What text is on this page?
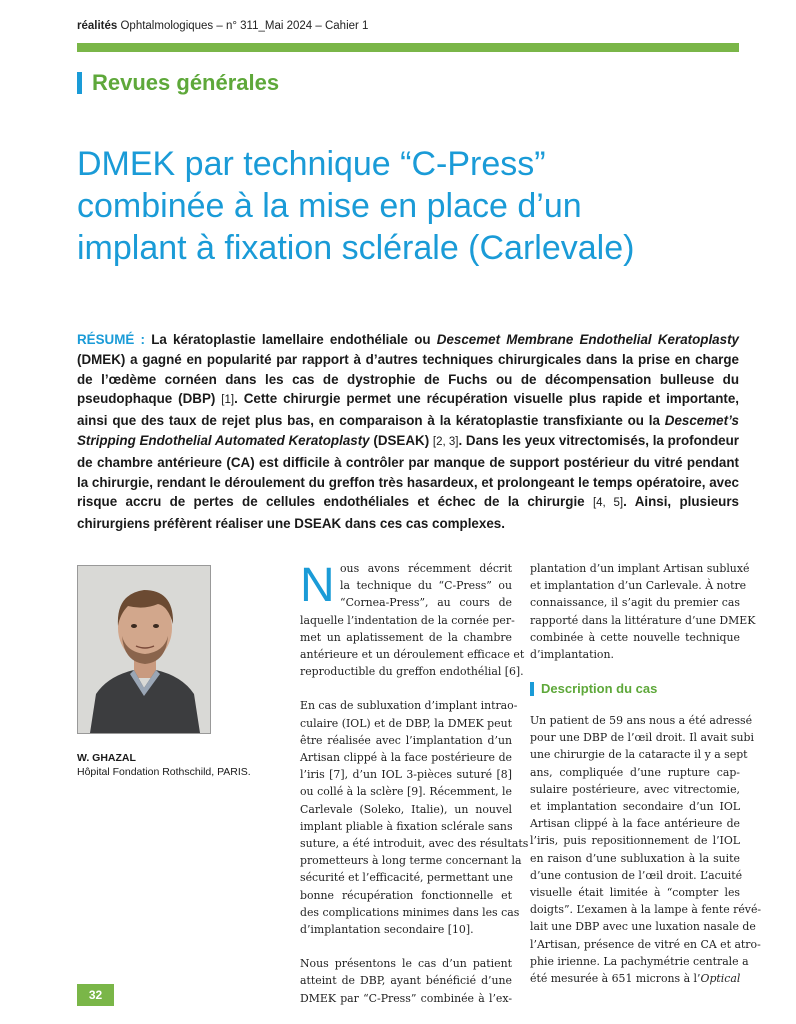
réalités Ophtalmologiques – n° 311_Mai 2024 – Cahier 1
Revues générales
DMEK par technique “C-Press”
combinée à la mise en place d’un
implant à fixation sclérale (Carlevale)
RÉSUMÉ : La kératoplastie lamellaire endothéliale ou Descemet Membrane Endothelial Keratoplasty (DMEK) a gagné en popularité par rapport à d’autres techniques chirurgicales dans la prise en charge de l’œdème cornéen dans les cas de dystrophie de Fuchs ou de décompensation bulleuse du pseudophaque (DBP) [1]. Cette chirurgie permet une récupération visuelle plus rapide et importante, ainsi que des taux de rejet plus bas, en comparaison à la kératoplastie transfixiante ou la Descemet’s Stripping Endothelial Automated Keratoplasty (DSEAK) [2, 3]. Dans les yeux vitrectomisés, la profondeur de chambre antérieure (CA) est difficile à contrôler par manque de support postérieur du vitré pendant la chirurgie, rendant le déroulement du greffon très hasardeux, et prolongeant le temps opératoire, avec risque accru de pertes de cellules endothéliales et échec de la chirurgie [4, 5]. Ainsi, plusieurs chirurgiens préfèrent réaliser une DSEAK dans ces cas complexes.
W. GHAZAL
Hôpital Fondation Rothschild, PARIS.
N ous avons récemment décrit
la technique du “C-Press” ou
“Cornea-Press”, au cours de
laquelle l’indentation de la cornée per-
met un aplatissement de la chambre
antérieure et un déroulement efficace et
reproductible du greffon endothélial [6].

En cas de subluxation d’implant intrao-
culaire (IOL) et de DBP, la DMEK peut
être réalisée avec l’implantation d’un
Artisan clippé à la face postérieure de
l’iris [7], d’un IOL 3-pièces suturé [8]
ou collé à la sclère [9]. Récemment, le
Carlevale (Soleko, Italie), un nouvel
implant pliable à fixation sclérale sans
suture, a été introduit, avec des résultats
prometteurs à long terme concernant la
sécurité et l’efficacité, permettant une
bonne récupération fonctionnelle et
des complications minimes dans les cas
d’implantation secondaire [10].

Nous présentons le cas d’un patient
atteint de DBP, ayant bénéficié d’une
DMEK par “C-Press” combinée à l’ex-

plantation d’un implant Artisan subluxé
et implantation d’un Carlevale. À notre
connaissance, il s’agit du premier cas
rapporté dans la littérature d’une DMEK
combinée à cette nouvelle technique
d’implantation.

Description du cas

Un patient de 59 ans nous a été adressé
pour une DBP de l’œil droit. Il avait subi
une chirurgie de la cataracte il y a sept
ans, compliquée d’une rupture cap-
sulaire postérieure, avec vitrectomie,
et implantation secondaire d’un IOL
Artisan clippé à la face antérieure de
l’iris, puis repositionnement de l’IOL
en raison d’une subluxation à la suite
d’une contusion de l’œil droit. L’acuité
visuelle était limitée à “compter les
doigts”. L’examen à la lampe à fente révé-
lait une DBP avec une luxation nasale de
l’Artisan, présence de vitré en CA et atro-
phie irienne. La pachymétrie centrale a
été mesurée à 651 microns à l’Optical

32
